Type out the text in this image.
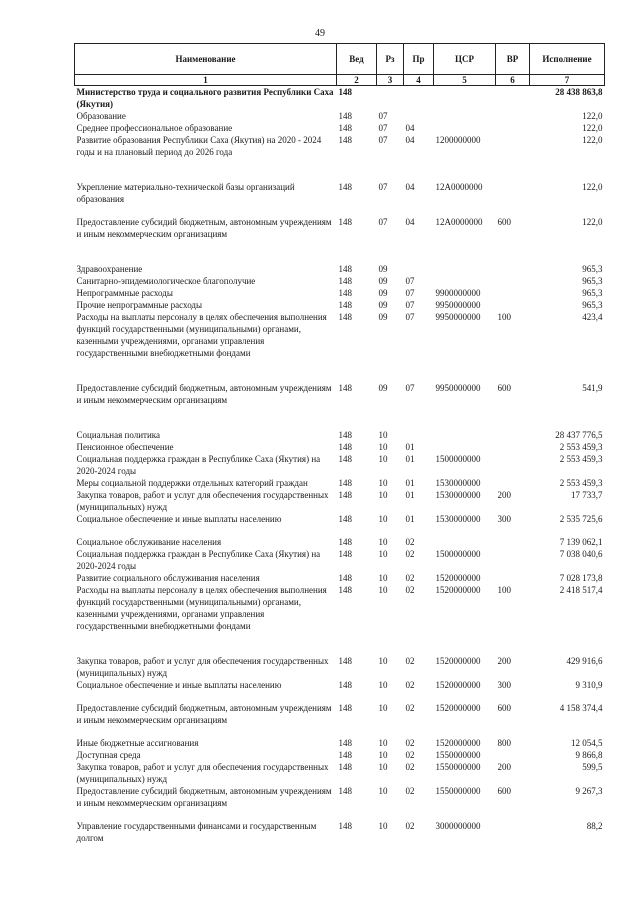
49
Наименование	Вед	Рз	Пр	ЦСР	ВР	Исполнение
1	2	3	4	5	6	7
Министерство труда и социального развития Республики Саха (Якутия)	148					28 438 863,8
Образование	148	07				122,0
Среднее профессиональное образование	148	07	04			122,0
Развитие образования Республики Саха (Якутия) на 2020 - 2024 годы и на плановый период до 2026 года	148	07	04	1200000000		122,0

Укрепление материально-технической базы организаций образования	148	07	04	12А0000000		122,0

Предоставление субсидий бюджетным, автономным учреждениям и иным некоммерческим организациям	148	07	04	12А0000000	600	122,0

Здравоохранение	148	09				965,3
Санитарно-эпидемиологическое благополучие	148	09	07			965,3
Непрограммные расходы	148	09	07	9900000000		965,3
Прочие непрограммные расходы	148	09	07	9950000000		965,3
Расходы на выплаты персоналу в целях обеспечения выполнения функций государственными (муниципальными) органами, казенными учреждениями, органами управления государственными внебюджетными фондами	148	09	07	9950000000	100	423,4

Предоставление субсидий бюджетным, автономным учреждениям и иным некоммерческим организациям	148	09	07	9950000000	600	541,9

Социальная политика	148	10				28 437 776,5
Пенсионное обеспечение	148	10	01			2 553 459,3
Социальная поддержка граждан в Республике Саха (Якутия) на 2020-2024 годы	148	10	01	1500000000		2 553 459,3
Меры социальной поддержки отдельных категорий граждан	148	10	01	1530000000		2 553 459,3
Закупка товаров, работ и услуг для обеспечения государственных (муниципальных) нужд	148	10	01	1530000000	200	17 733,7
Социальное обеспечение и иные выплаты населению	148	10	01	1530000000	300	2 535 725,6

Социальное обслуживание населения	148	10	02			7 139 062,1
Социальная поддержка граждан в Республике Саха (Якутия) на 2020-2024 годы	148	10	02	1500000000		7 038 040,6
Развитие социального обслуживания населения	148	10	02	1520000000		7 028 173,8
Расходы на выплаты персоналу в целях обеспечения выполнения функций государственными (муниципальными) органами, казенными учреждениями, органами управления государственными внебюджетными фондами	148	10	02	1520000000	100	2 418 517,4

Закупка товаров, работ и услуг для обеспечения государственных (муниципальных) нужд	148	10	02	1520000000	200	429 916,6
Социальное обеспечение и иные выплаты населению	148	10	02	1520000000	300	9 310,9

Предоставление субсидий бюджетным, автономным учреждениям и иным некоммерческим организациям	148	10	02	1520000000	600	4 158 374,4

Иные бюджетные ассигнования	148	10	02	1520000000	800	12 054,5
Доступная среда	148	10	02	1550000000		9 866,8
Закупка товаров, работ и услуг для обеспечения государственных (муниципальных) нужд	148	10	02	1550000000	200	599,5
Предоставление субсидий бюджетным, автономным учреждениям и иным некоммерческим организациям	148	10	02	1550000000	600	9 267,3

Управление государственными финансами и государственным долгом	148	10	02	3000000000		88,2
